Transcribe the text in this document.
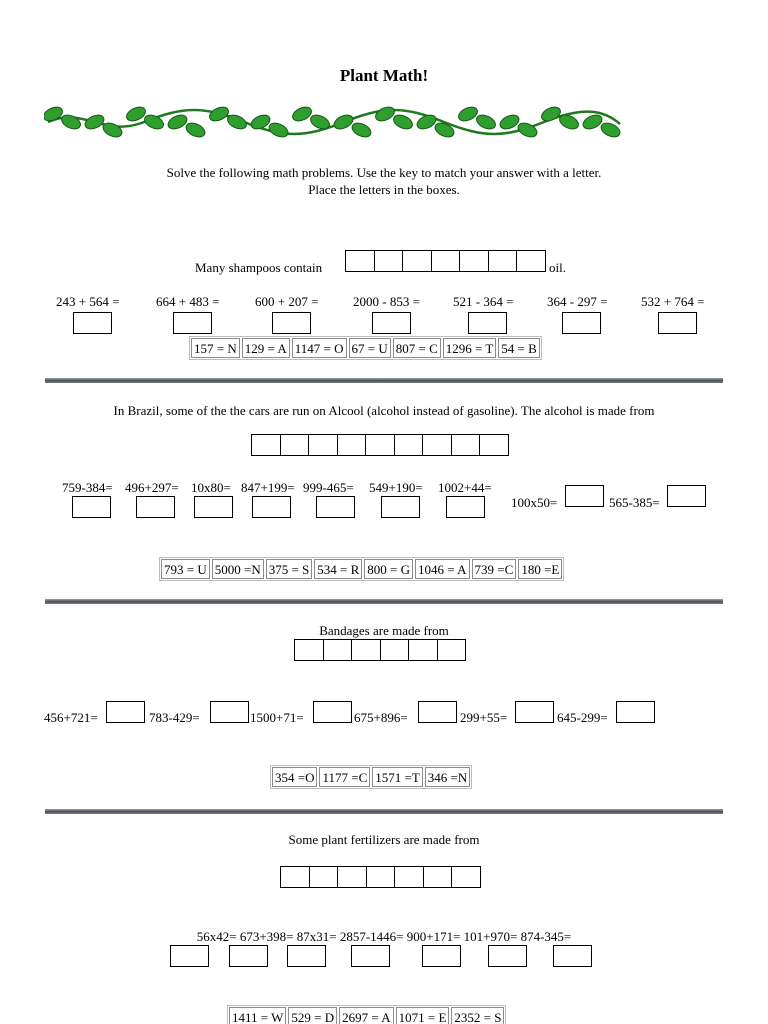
Plant Math!
Solve the following math problems. Use the key to match your answer with a letter.
Place the letters in the boxes.
Many shampoos contain	oil.
243 + 564 =	664 + 483 =	600 + 207 =	2000 - 853 =	521 - 364 =	364 - 297 =	532 + 764 =
157 = N 129 = A 1147 = O 67 = U 807 = C 1296 = T 54 = B
In Brazil, some of the the cars are run on Alcool (alcohol instead of gasoline). The alcohol is made from
759-384= 496+297= 10x80= 847+199= 999-465= 549+190= 1002+44=
100x50=	565-385=
793 = U 5000 =N 375 = S 534 = R 800 = G 1046 = A 739 =C 180 =E
Bandages are made from
456+721=	783-429=	1500+71=	675+896=	299+55=	645-299=
354 =O 1177 =C 1571 =T 346 =N
Some plant fertilizers are made from
56x42= 673+398= 87x31= 2857-1446= 900+171= 101+970= 874-345=
1411 = W 529 = D 2697 = A 1071 = E 2352 = S
